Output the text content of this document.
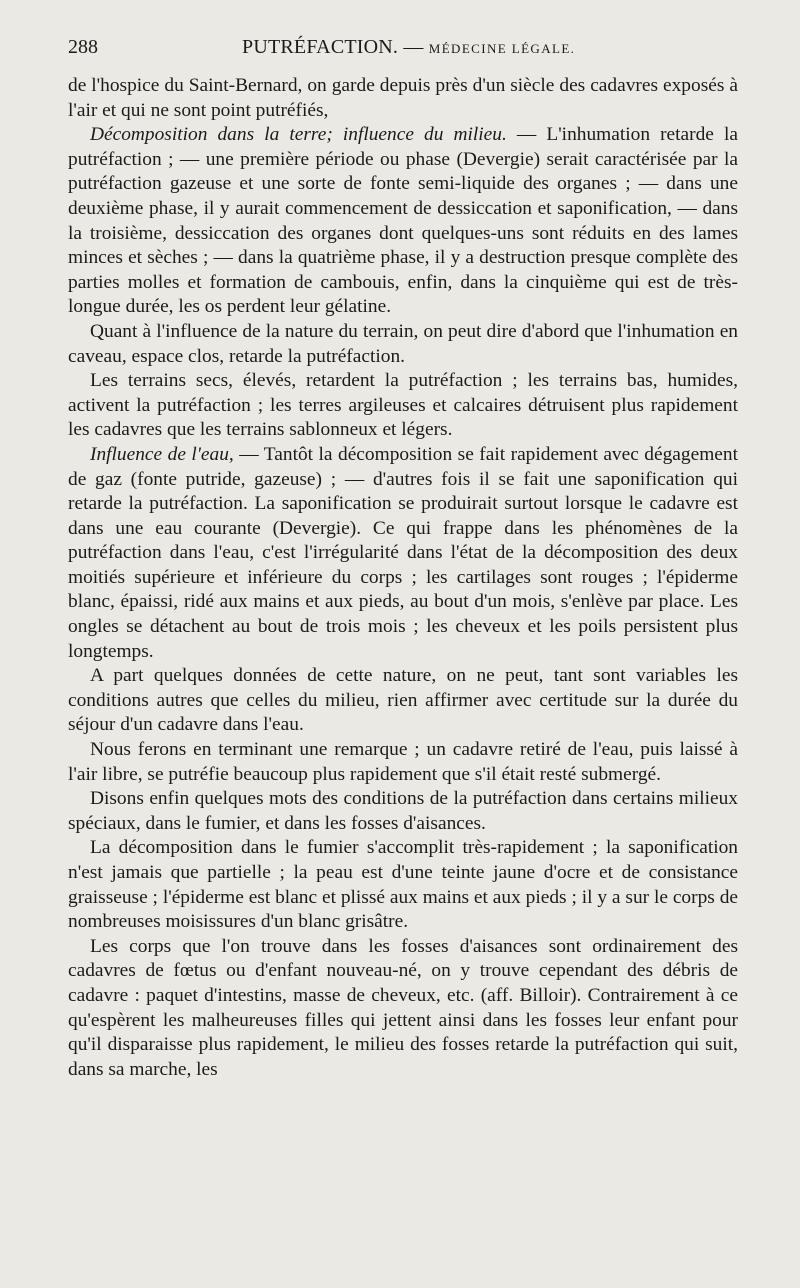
288	PUTRÉFACTION. — MÉDECINE LÉGALE.

de l'hospice du Saint-Bernard, on garde depuis près d'un siècle des cadavres exposés à l'air et qui ne sont point putréfiés,

Décomposition dans la terre; influence du milieu. — L'inhumation retarde la putréfaction ; — une première période ou phase (Devergie) serait caractérisée par la putréfaction gazeuse et une sorte de fonte semi-liquide des organes ; — dans une deuxième phase, il y aurait commencement de dessiccation et saponification, — dans la troisième, dessiccation des organes dont quelques-uns sont réduits en des lames minces et sèches ; — dans la quatrième phase, il y a destruction presque complète des parties molles et formation de cambouis, enfin, dans la cinquième qui est de très-longue durée, les os perdent leur gélatine.

Quant à l'influence de la nature du terrain, on peut dire d'abord que l'inhumation en caveau, espace clos, retarde la putréfaction.

Les terrains secs, élevés, retardent la putréfaction ; les terrains bas, humides, activent la putréfaction ; les terres argileuses et calcaires détruisent plus rapidement les cadavres que les terrains sablonneux et légers.

Influence de l'eau, — Tantôt la décomposition se fait rapidement avec dégagement de gaz (fonte putride, gazeuse) ; — d'autres fois il se fait une saponification qui retarde la putréfaction. La saponification se produirait surtout lorsque le cadavre est dans une eau courante (Devergie). Ce qui frappe dans les phénomènes de la putréfaction dans l'eau, c'est l'irrégularité dans l'état de la décomposition des deux moitiés supérieure et inférieure du corps ; les cartilages sont rouges ; l'épiderme blanc, épaissi, ridé aux mains et aux pieds, au bout d'un mois, s'enlève par place. Les ongles se détachent au bout de trois mois ; les cheveux et les poils persistent plus longtemps.

A part quelques données de cette nature, on ne peut, tant sont variables les conditions autres que celles du milieu, rien affirmer avec certitude sur la durée du séjour d'un cadavre dans l'eau.

Nous ferons en terminant une remarque ; un cadavre retiré de l'eau, puis laissé à l'air libre, se putréfie beaucoup plus rapidement que s'il était resté submergé.

Disons enfin quelques mots des conditions de la putréfaction dans certains milieux spéciaux, dans le fumier, et dans les fosses d'aisances.

La décomposition dans le fumier s'accomplit très-rapidement ; la saponification n'est jamais que partielle ; la peau est d'une teinte jaune d'ocre et de consistance graisseuse ; l'épiderme est blanc et plissé aux mains et aux pieds ; il y a sur le corps de nombreuses moisissures d'un blanc grisâtre.

Les corps que l'on trouve dans les fosses d'aisances sont ordinairement des cadavres de fœtus ou d'enfant nouveau-né, on y trouve cependant des débris de cadavre : paquet d'intestins, masse de cheveux, etc. (aff. Billoir). Contrairement à ce qu'espèrent les malheureuses filles qui jettent ainsi dans les fosses leur enfant pour qu'il disparaisse plus rapidement, le milieu des fosses retarde la putréfaction qui suit, dans sa marche, les
